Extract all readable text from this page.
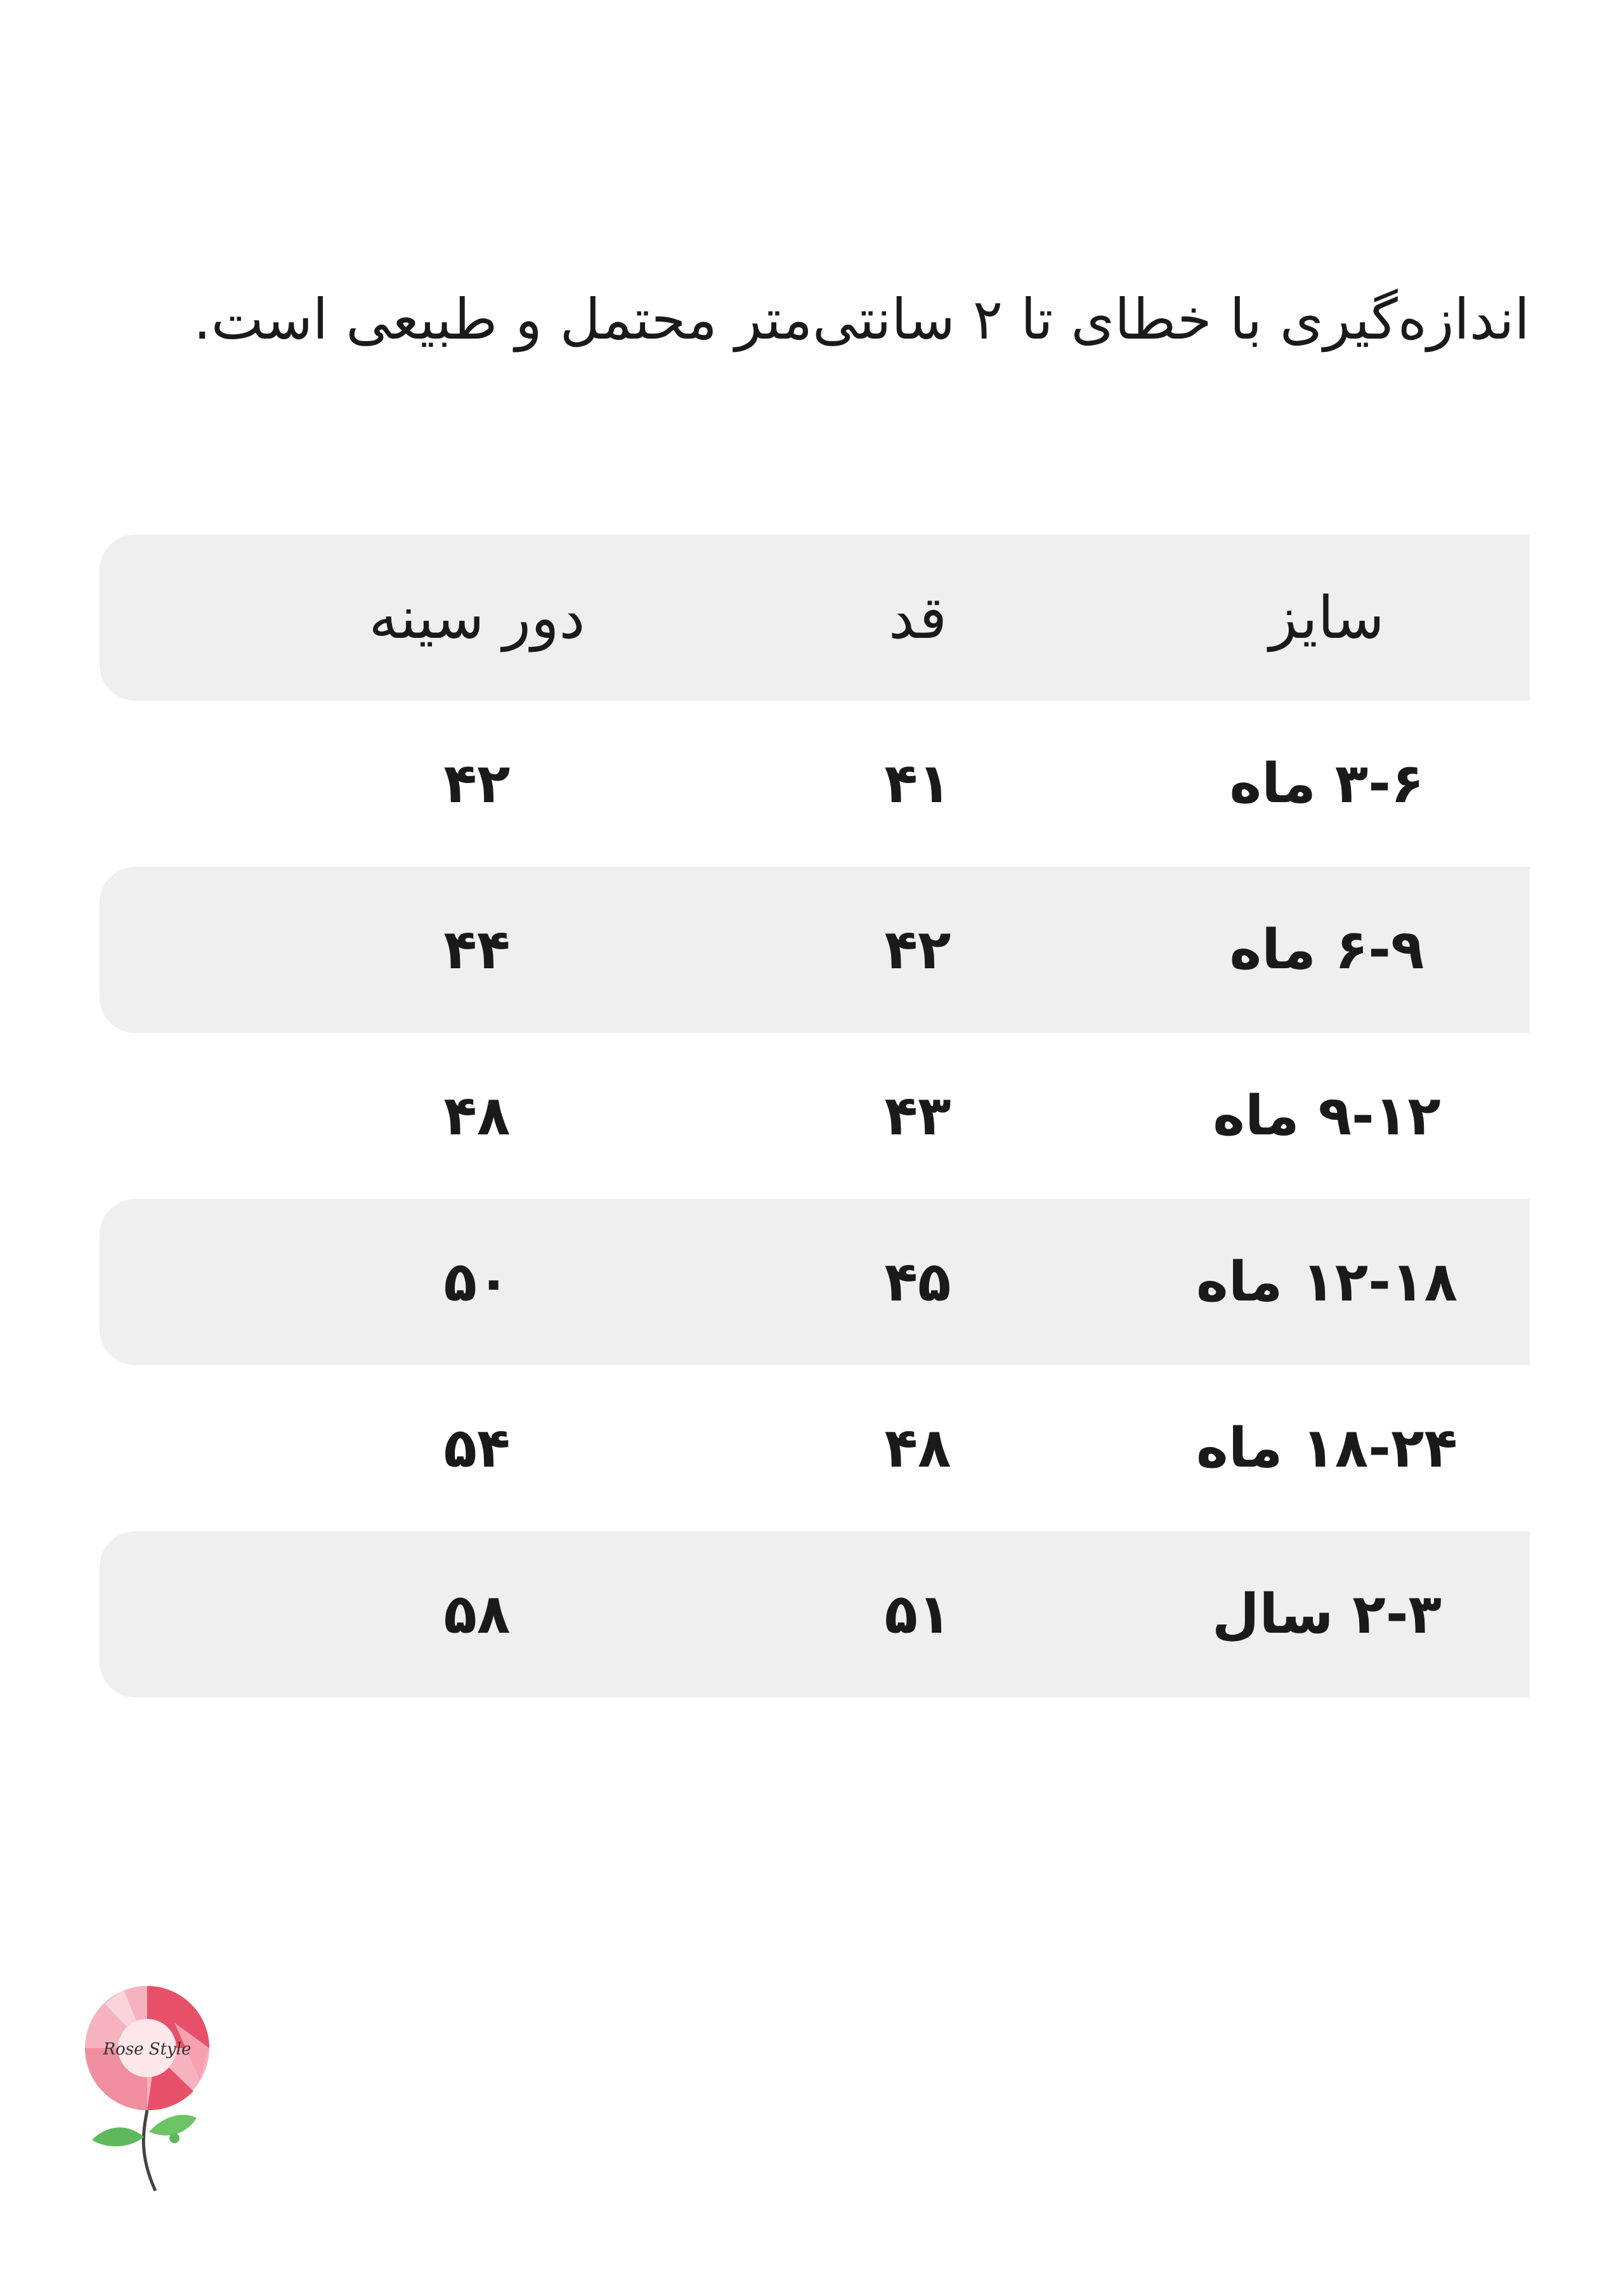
اندازه‌گیری با خطای تا ۲ سانتی‌متر محتمل و طبیعی است.

سایز
قد
دور سینه
۳-۶ ماه
۴۱
۴۲
۶-۹ ماه
۴۲
۴۴
۹-۱۲ ماه
۴۳
۴۸
۱۲-۱۸ ماه
۴۵
۵۰
۱۸-۲۴ ماه
۴۸
۵۴
۲-۳ سال
۵۱
۵۸
Rose Style
